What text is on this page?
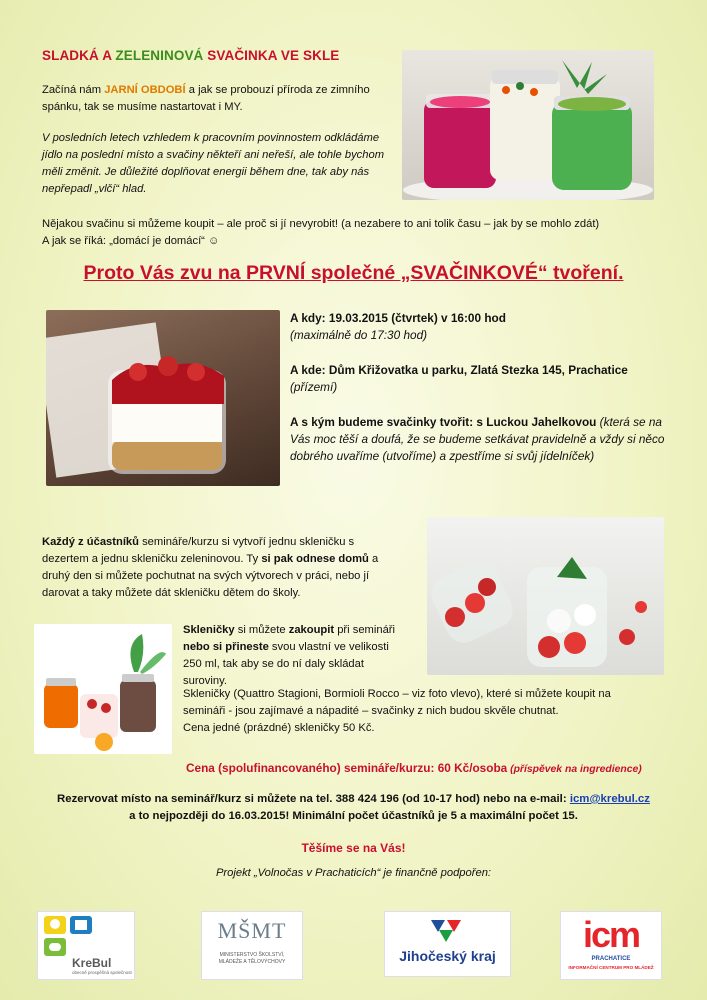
SLADKÁ A ZELENINOVÁ SVAČINKA VE SKLE

Začíná nám JARNÍ OBDOBÍ a jak se probouzí příroda ze zimního spánku, tak se musíme nastartovat i MY.

V posledních letech vzhledem k pracovním povinnostem odkládáme jídlo na poslední místo a svačiny někteří ani neřeší, ale tohle bychom měli změnit. Je důležité doplňovat energii během dne, tak aby nás nepřepadl „vlčí“ hlad.

Nějakou svačinu si můžeme koupit – ale proč si jí nevyrobit! (a nezabere to ani tolik času – jak by se mohlo zdát)
A jak se říká: „domácí je domácí“ ☺

Proto Vás zvu na PRVNÍ společné „SVAČINKOVÉ“ tvoření.

A kdy: 19.03.2015 (čtvrtek) v 16:00 hod
(maximálně do 17:30 hod)

A kde: Dům Křižovatka u parku, Zlatá Stezka 145, Prachatice
(přízemí)

A s kým budeme svačinky tvořit: s Luckou Jahelkovou (která se na Vás moc těší a doufá, že se budeme setkávat pravidelně a vždy si něco dobrého uvaříme (utvoříme) a zpestříme si svůj jídelníček)

Každý z účastníků semináře/kurzu si vytvoří jednu skleničku s dezertem a jednu skleničku zeleninovou. Ty si pak odnese domů a druhý den si můžete pochutnat na svých výtvorech v práci, nebo jí darovat a taky můžete dát skleničku dětem do školy.

Skleničky si můžete zakoupit při semináři nebo si přineste svou vlastní ve velikosti 250 ml, tak aby se do ní daly skládat suroviny.

Skleničky (Quattro Stagioni, Bormioli Rocco – viz foto vlevo), které si můžete koupit na
semináři - jsou zajímavé a nápadité – svačinky z nich budou skvěle chutnat.
Cena jedné (prázdné) skleničky 50 Kč.

Cena (spolufinancovaného) semináře/kurzu: 60 Kč/osoba (příspěvek na ingredience)
Rezervovat místo na seminář/kurz si můžete na tel. 388 424 196 (od 10-17 hod) nebo na e-mail: icm@krebul.cz
a to nejpozději do 16.03.2015! Minimální počet účastníků je 5 a maximální počet 15.
Těšíme se na Vás!
Projekt „Volnočas v Prachaticích“ je finančně podpořen:
KreBul
obecně prospěšná společnost
MŠMT
MINISTERSTVO ŠKOLSTVÍ, MLÁDEŽE A TĚLOVÝCHOVY	Jihočeský kraj
icm
PRACHATICE
INFORMAČNÍ CENTRUM PRO MLÁDEŽ
